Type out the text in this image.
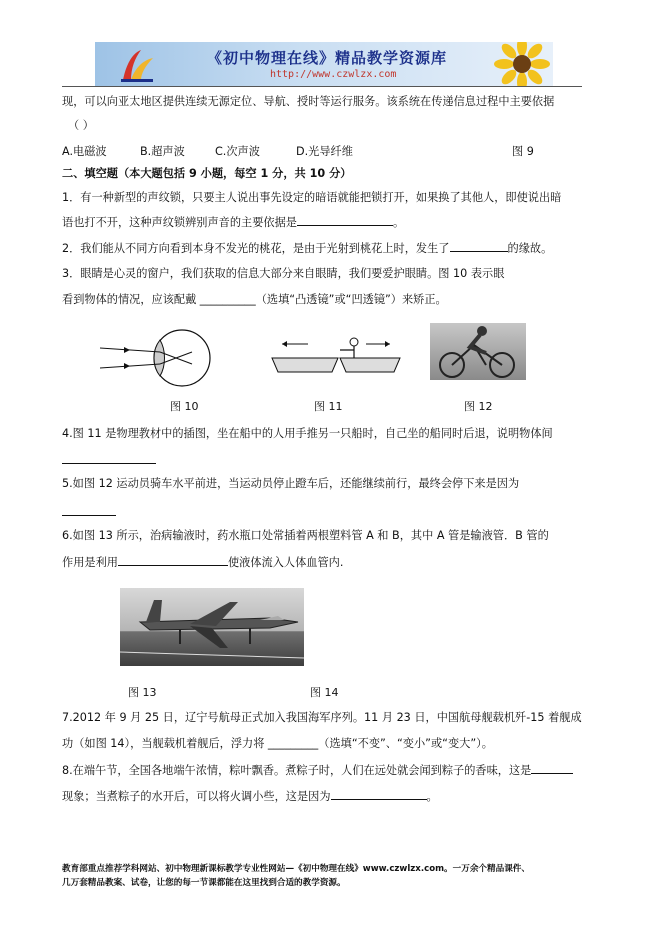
《初中物理在线》精品教学资源库
http://www.czwlzx.com
现，可以向亚太地区提供连续无源定位、导航、授时等运行服务。该系统在传递信息过程中主要依据
（ ）
A.电磁波	B.超声波	C.次声波	D.光导纤维	图 9
二、填空题（本大题包括 9 小题，每空 1 分，共 10 分）
1．有一种新型的声纹锁，只要主人说出事先设定的暗语就能把锁打开，如果换了其他人，即使说出暗
语也打不开，这种声纹锁辨别声音的主要依据是	。
2．我们能从不同方向看到本身不发光的桃花，是由于光射到桃花上时，发生了	的缘故。
3．眼睛是心灵的窗户，我们获取的信息大部分来自眼睛，我们要爱护眼睛。图 10 表示眼
看到物体的情况，应该配戴 __________（选填“凸透镜”或“凹透镜”）来矫正。
图 10	图 11	图 12
4.图 11 是物理教材中的插图，坐在船中的人用手推另一只船时，自己坐的船同时后退，说明物体间
5.如图 12 运动员骑车水平前进，当运动员停止蹬车后，还能继续前行，最终会停下来是因为
6.如图 13 所示，治病输液时，药水瓶口处常插着两根塑料管 A 和 B，其中 A 管是输液管．B 管的
作用是利用	使液体流入人体血管内.
图 13	图 14
7.2012 年 9 月 25 日，辽宁号航母正式加入我国海军序列。11 月 23 日，中国航母舰载机歼-15 着舰成
功（如图 14），当舰载机着舰后，浮力将 _________（选填“不变”、“变小”或“变大”）。
8.在端午节，全国各地端午浓情，粽叶飘香。煮粽子时，人们在远处就会闻到粽子的香味，这是
现象；当煮粽子的水开后，可以将火调小些，这是因为	。
教育部重点推荐学科网站、初中物理新课标教学专业性网站—《初中物理在线》www.czwlzx.com。一万余个精品课件、
几万套精品教案、试卷，让您的每一节课都能在这里找到合适的教学资源。
